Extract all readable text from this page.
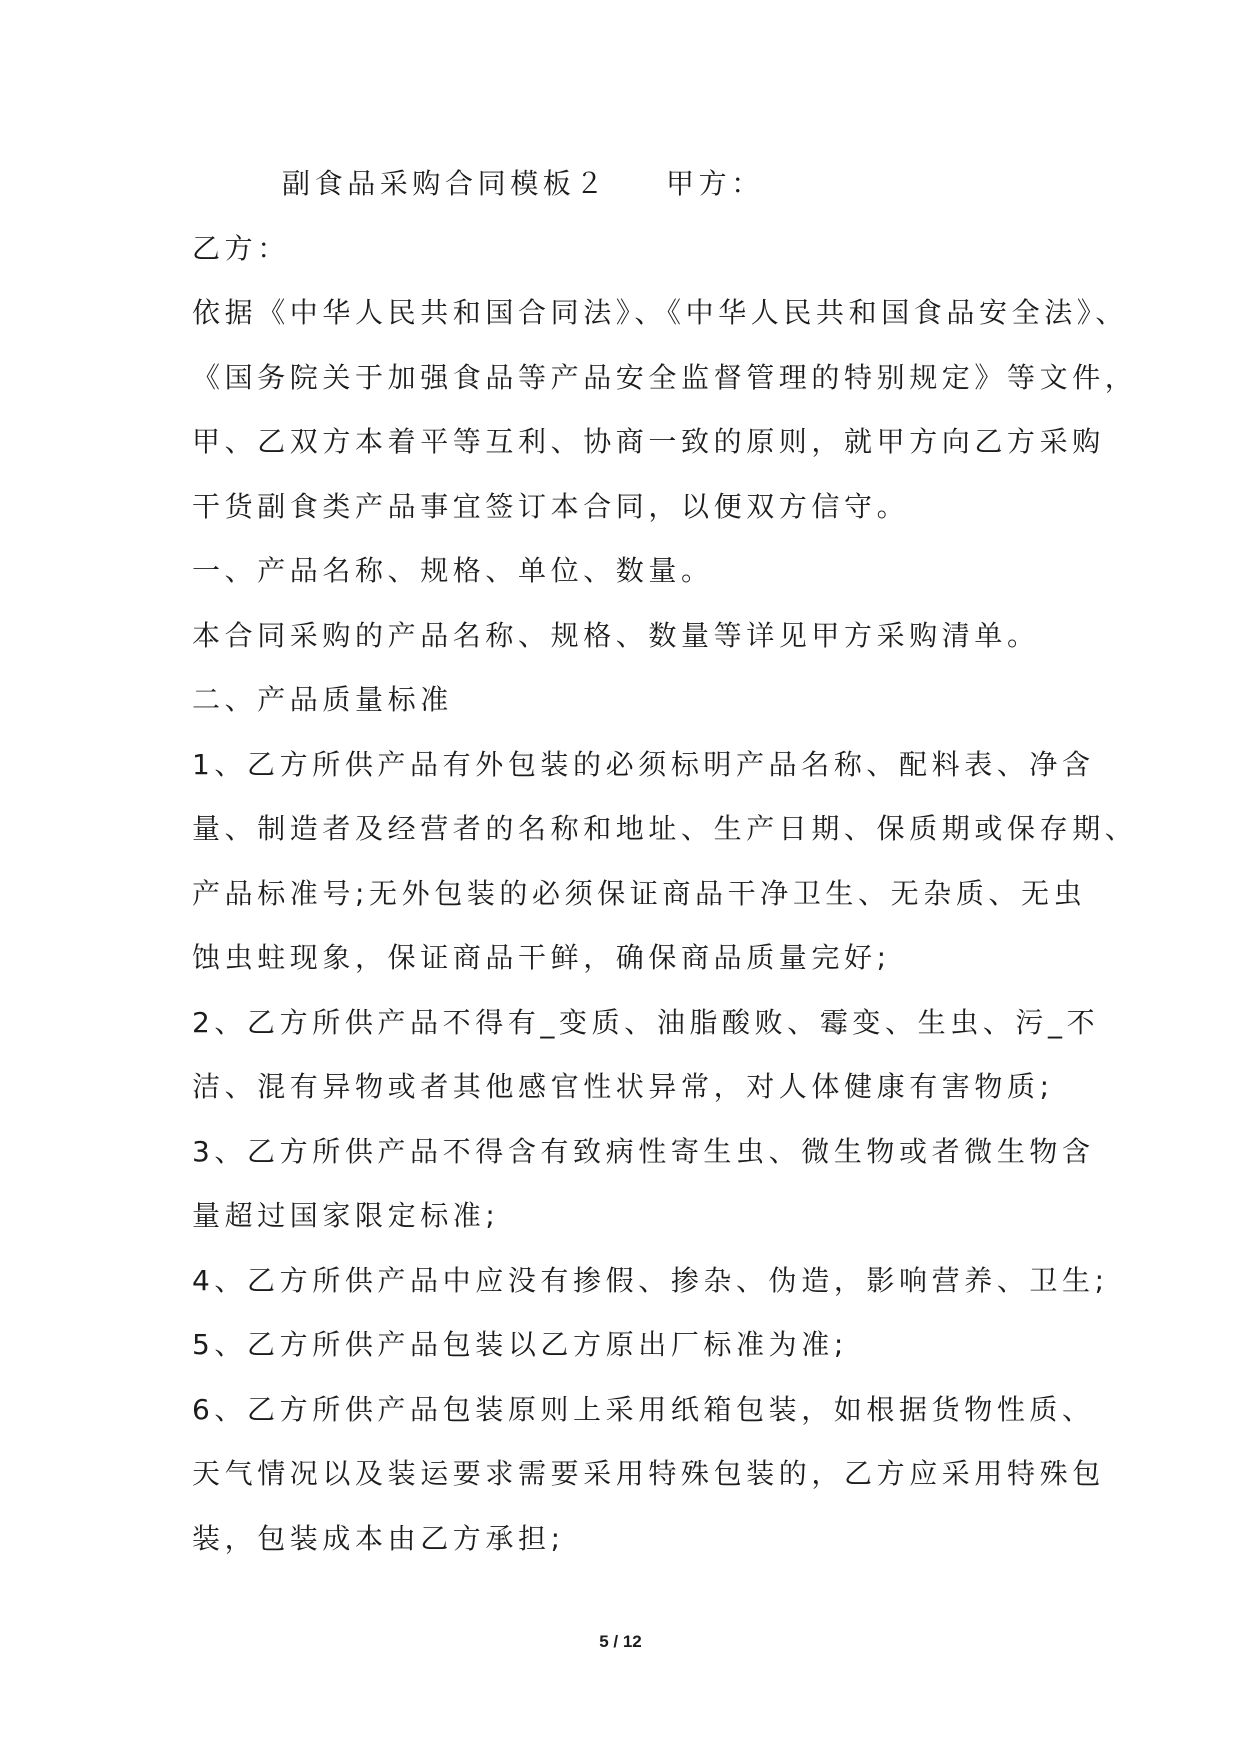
副食品采购合同模板２ 甲方：
乙方：
依据《中华人民共和国合同法》、《中华人民共和国食品安全法》、
《国务院关于加强食品等产品安全监督管理的特别规定》等文件，
甲、乙双方本着平等互利、协商一致的原则，就甲方向乙方采购
干货副食类产品事宜签订本合同，以便双方信守。
一、产品名称、规格、单位、数量。
本合同采购的产品名称、规格、数量等详见甲方采购清单。
二、产品质量标准
1、乙方所供产品有外包装的必须标明产品名称、配料表、净含
量、制造者及经营者的名称和地址、生产日期、保质期或保存期、
产品标准号;无外包装的必须保证商品干净卫生、无杂质、无虫
蚀虫蛀现象，保证商品干鲜，确保商品质量完好;
2、乙方所供产品不得有_变质、油脂酸败、霉变、生虫、污_不
洁、混有异物或者其他感官性状异常，对人体健康有害物质;
3、乙方所供产品不得含有致病性寄生虫、微生物或者微生物含
量超过国家限定标准;
4、乙方所供产品中应没有掺假、掺杂、伪造，影响营养、卫生;
5、乙方所供产品包装以乙方原出厂标准为准;
6、乙方所供产品包装原则上采用纸箱包装，如根据货物性质、
天气情况以及装运要求需要采用特殊包装的，乙方应采用特殊包
装，包装成本由乙方承担;
5 / 12
